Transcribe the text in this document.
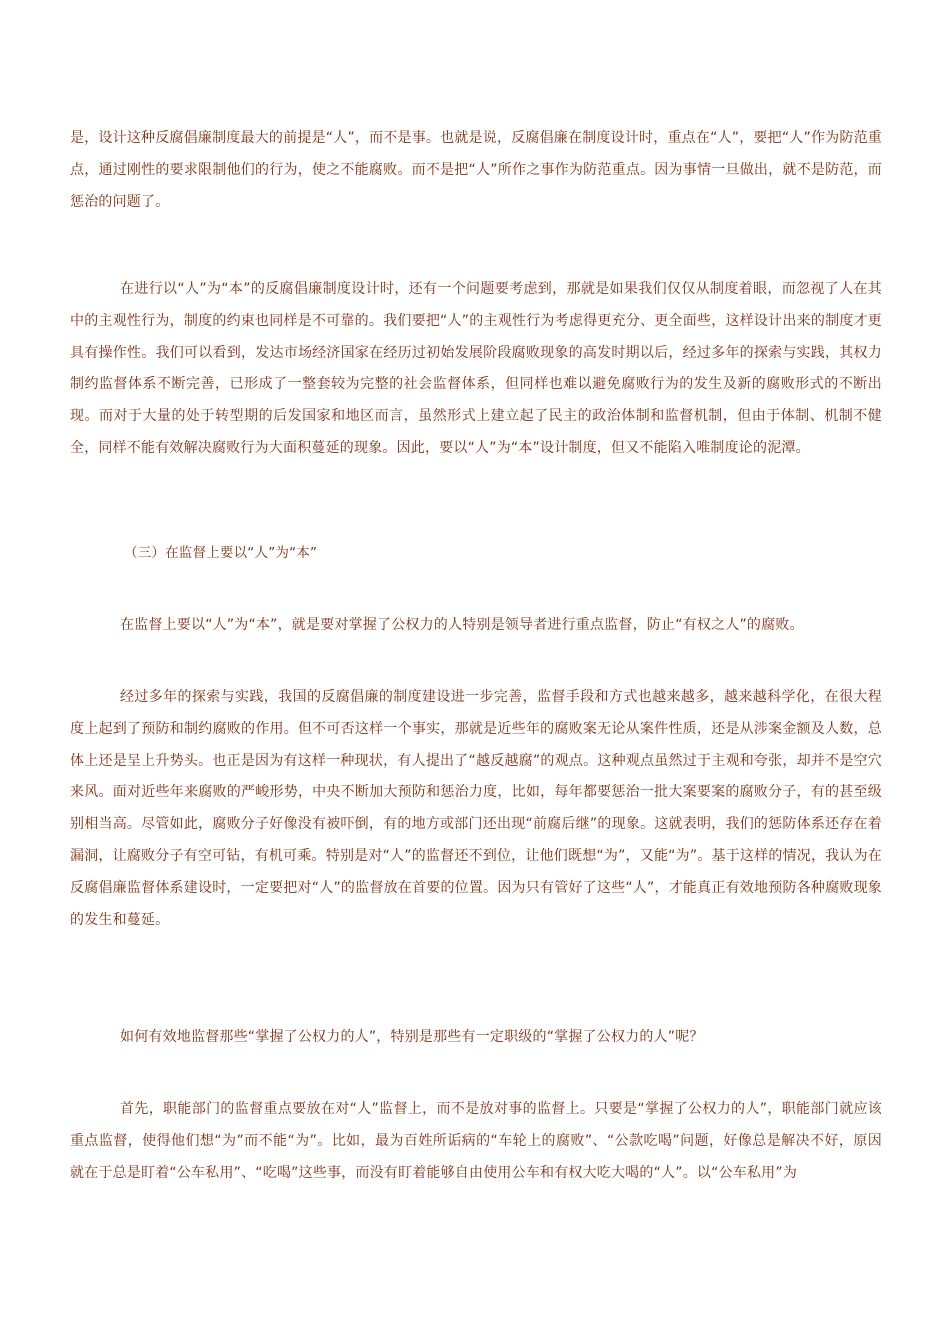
是，设计这种反腐倡廉制度最大的前提是“人”，而不是事。也就是说，反腐倡廉在制度设计时，重点在“人”，要把“人”作为防范重点，通过刚性的要求限制他们的行为，使之不能腐败。而不是把“人”所作之事作为防范重点。因为事情一旦做出，就不是防范，而惩治的问题了。

在进行以“人”为“本”的反腐倡廉制度设计时，还有一个问题要考虑到，那就是如果我们仅仅从制度着眼，而忽视了人在其中的主观性行为，制度的约束也同样是不可靠的。我们要把“人”的主观性行为考虑得更充分、更全面些，这样设计出来的制度才更具有操作性。我们可以看到，发达市场经济国家在经历过初始发展阶段腐败现象的高发时期以后，经过多年的探索与实践，其权力制约监督体系不断完善，已形成了一整套较为完整的社会监督体系，但同样也难以避免腐败行为的发生及新的腐败形式的不断出现。而对于大量的处于转型期的后发国家和地区而言，虽然形式上建立起了民主的政治体制和监督机制，但由于体制、机制不健全，同样不能有效解决腐败行为大面积蔓延的现象。因此，要以“人”为“本”设计制度，但又不能陷入唯制度论的泥潭。

（三）在监督上要以“人”为“本”

在监督上要以“人”为“本”，就是要对掌握了公权力的人特别是领导者进行重点监督，防止“有权之人”的腐败。

经过多年的探索与实践，我国的反腐倡廉的制度建设进一步完善，监督手段和方式也越来越多，越来越科学化，在很大程度上起到了预防和制约腐败的作用。但不可否这样一个事实，那就是近些年的腐败案无论从案件性质，还是从涉案金额及人数，总体上还是呈上升势头。也正是因为有这样一种现状，有人提出了“越反越腐”的观点。这种观点虽然过于主观和夸张，却并不是空穴来风。面对近些年来腐败的严峻形势，中央不断加大预防和惩治力度，比如，每年都要惩治一批大案要案的腐败分子，有的甚至级别相当高。尽管如此，腐败分子好像没有被吓倒，有的地方或部门还出现“前腐后继”的现象。这就表明，我们的惩防体系还存在着漏洞，让腐败分子有空可钻，有机可乘。特别是对“人”的监督还不到位，让他们既想“为”，又能“为”。基于这样的情况，我认为在反腐倡廉监督体系建设时，一定要把对“人”的监督放在首要的位置。因为只有管好了这些“人”，才能真正有效地预防各种腐败现象的发生和蔓延。

如何有效地监督那些“掌握了公权力的人”，特别是那些有一定职级的“掌握了公权力的人”呢？

首先，职能部门的监督重点要放在对“人”监督上，而不是放对事的监督上。只要是“掌握了公权力的人”，职能部门就应该重点监督，使得他们想“为”而不能“为”。比如，最为百姓所诟病的“车轮上的腐败”、“公款吃喝”问题，好像总是解决不好，原因就在于总是盯着“公车私用”、“吃喝”这些事，而没有盯着能够自由使用公车和有权大吃大喝的“人”。以“公车私用”为
